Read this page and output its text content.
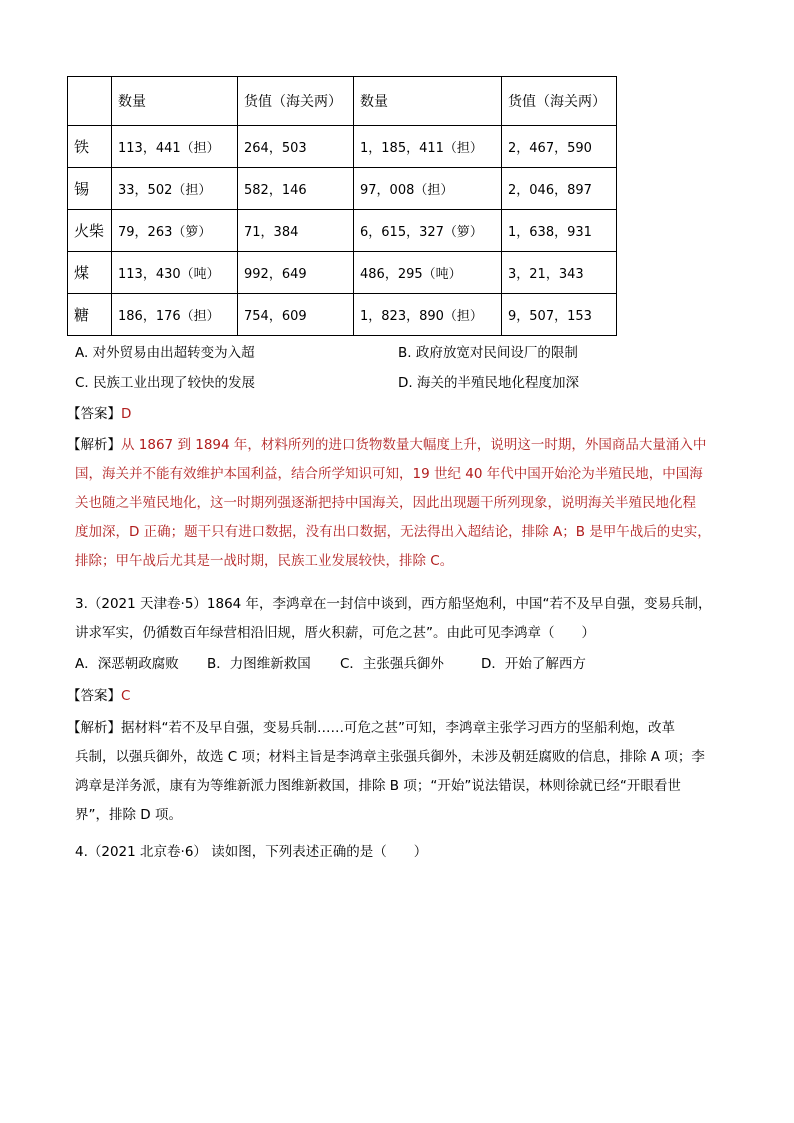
	数量	货值（海关两）	数量	货值（海关两）
铁	113，441（担）	264，503	1，185，411（担）	2，467，590
锡	33，502（担）	582，146	97，008（担）	2，046，897
火柴	79，263（箩）	71，384	6，615，327（箩）	1，638，931
煤	113，430（吨）	992，649	486，295（吨）	3，21，343
糖	186，176（担）	754，609	1，823，890（担）	9，507，153
A. 对外贸易由出超转变为入超	B. 政府放宽对民间设厂的限制
C. 民族工业出现了较快的发展	D. 海关的半殖民地化程度加深
【答案】D
【解析】从 1867 到 1894 年，材料所列的进口货物数量大幅度上升，说明这一时期，外国商品大量涌入中
国，海关并不能有效维护本国利益，结合所学知识可知，19 世纪 40 年代中国开始沦为半殖民地，中国海
关也随之半殖民地化，这一时期列强逐渐把持中国海关，因此出现题干所列现象，说明海关半殖民地化程
度加深，D 正确；题干只有进口数据，没有出口数据，无法得出入超结论，排除 A；B 是甲午战后的史实，
排除；甲午战后尤其是一战时期，民族工业发展较快，排除 C。
3.（2021 天津卷·5）1864 年，李鸿章在一封信中谈到，西方船坚炮利，中国“若不及早自强，变易兵制，
讲求军实，仍循数百年绿营相沿旧规，厝火积薪，可危之甚”。由此可见李鸿章（　　）
A．深恶朝政腐败 B．力图维新救国 C．主张强兵御外	D．开始了解西方
【答案】C
【解析】据材料“若不及早自强，变易兵制……可危之甚”可知，李鸿章主张学习西方的坚船利炮，改革
兵制，以强兵御外，故选 C 项；材料主旨是李鸿章主张强兵御外，未涉及朝廷腐败的信息，排除 A 项；李
鸿章是洋务派，康有为等维新派力图维新救国，排除 B 项；“开始”说法错误，林则徐就已经“开眼看世
界”，排除 D 项。
4.（2021 北京卷·6） 读如图，下列表述正确的是（　　）
